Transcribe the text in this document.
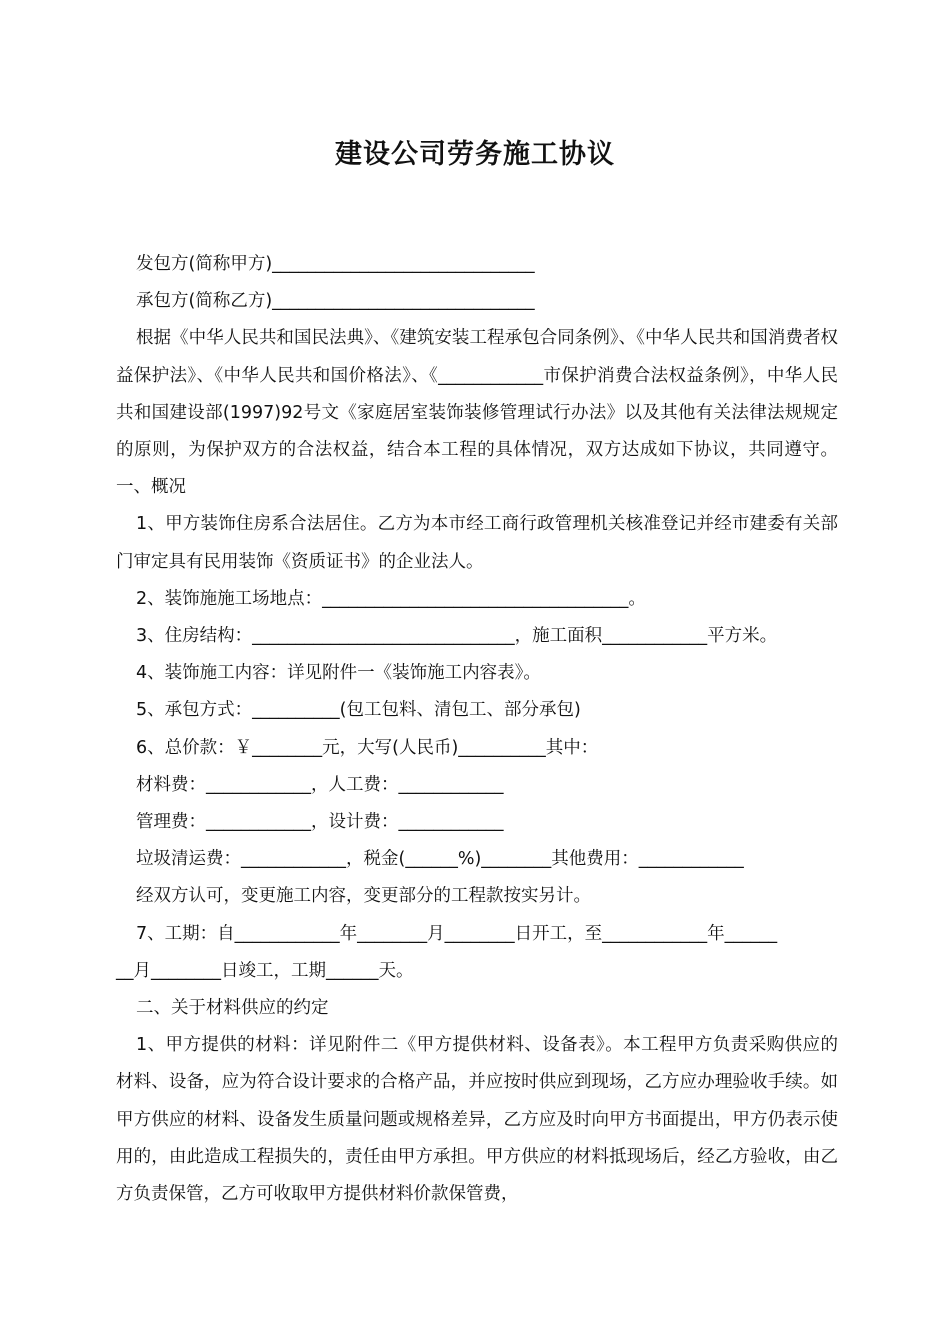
建设公司劳务施工协议

发包方(简称甲方)______________________________

承包方(简称乙方)______________________________

根据《中华人民共和国民法典》、《建筑安装工程承包合同条例》、《中华人民共和国消费者权益保护法》、《中华人民共和国价格法》、《____________市保护消费合法权益条例》，中华人民共和国建设部(1997)92号文《家庭居室装饰装修管理试行办法》以及其他有关法律法规规定的原则，为保护双方的合法权益，结合本工程的具体情况，双方达成如下协议，共同遵守。一、概况

1、甲方装饰住房系合法居住。乙方为本市经工商行政管理机关核准登记并经市建委有关部门审定具有民用装饰《资质证书》的企业法人。

2、装饰施施工场地点：___________________________________。

3、住房结构：______________________________，施工面积____________平方米。

4、装饰施工内容：详见附件一《装饰施工内容表》。

5、承包方式：__________(包工包料、清包工、部分承包)

6、总价款：￥________元，大写(人民币)__________其中：

材料费：____________，人工费：____________

管理费：____________，设计费：____________

垃圾清运费：____________，税金(______%)________其他费用：____________

经双方认可，变更施工内容，变更部分的工程款按实另计。

7、工期：自____________年________月________日开工，至____________年______

__月________日竣工，工期______天。

二、关于材料供应的约定

1、甲方提供的材料：详见附件二《甲方提供材料、设备表》。本工程甲方负责采购供应的材料、设备，应为符合设计要求的合格产品，并应按时供应到现场，乙方应办理验收手续。如甲方供应的材料、设备发生质量问题或规格差异，乙方应及时向甲方书面提出，甲方仍表示使用的，由此造成工程损失的，责任由甲方承担。甲方供应的材料抵现场后，经乙方验收，由乙方负责保管，乙方可收取甲方提供材料价款保管费，
